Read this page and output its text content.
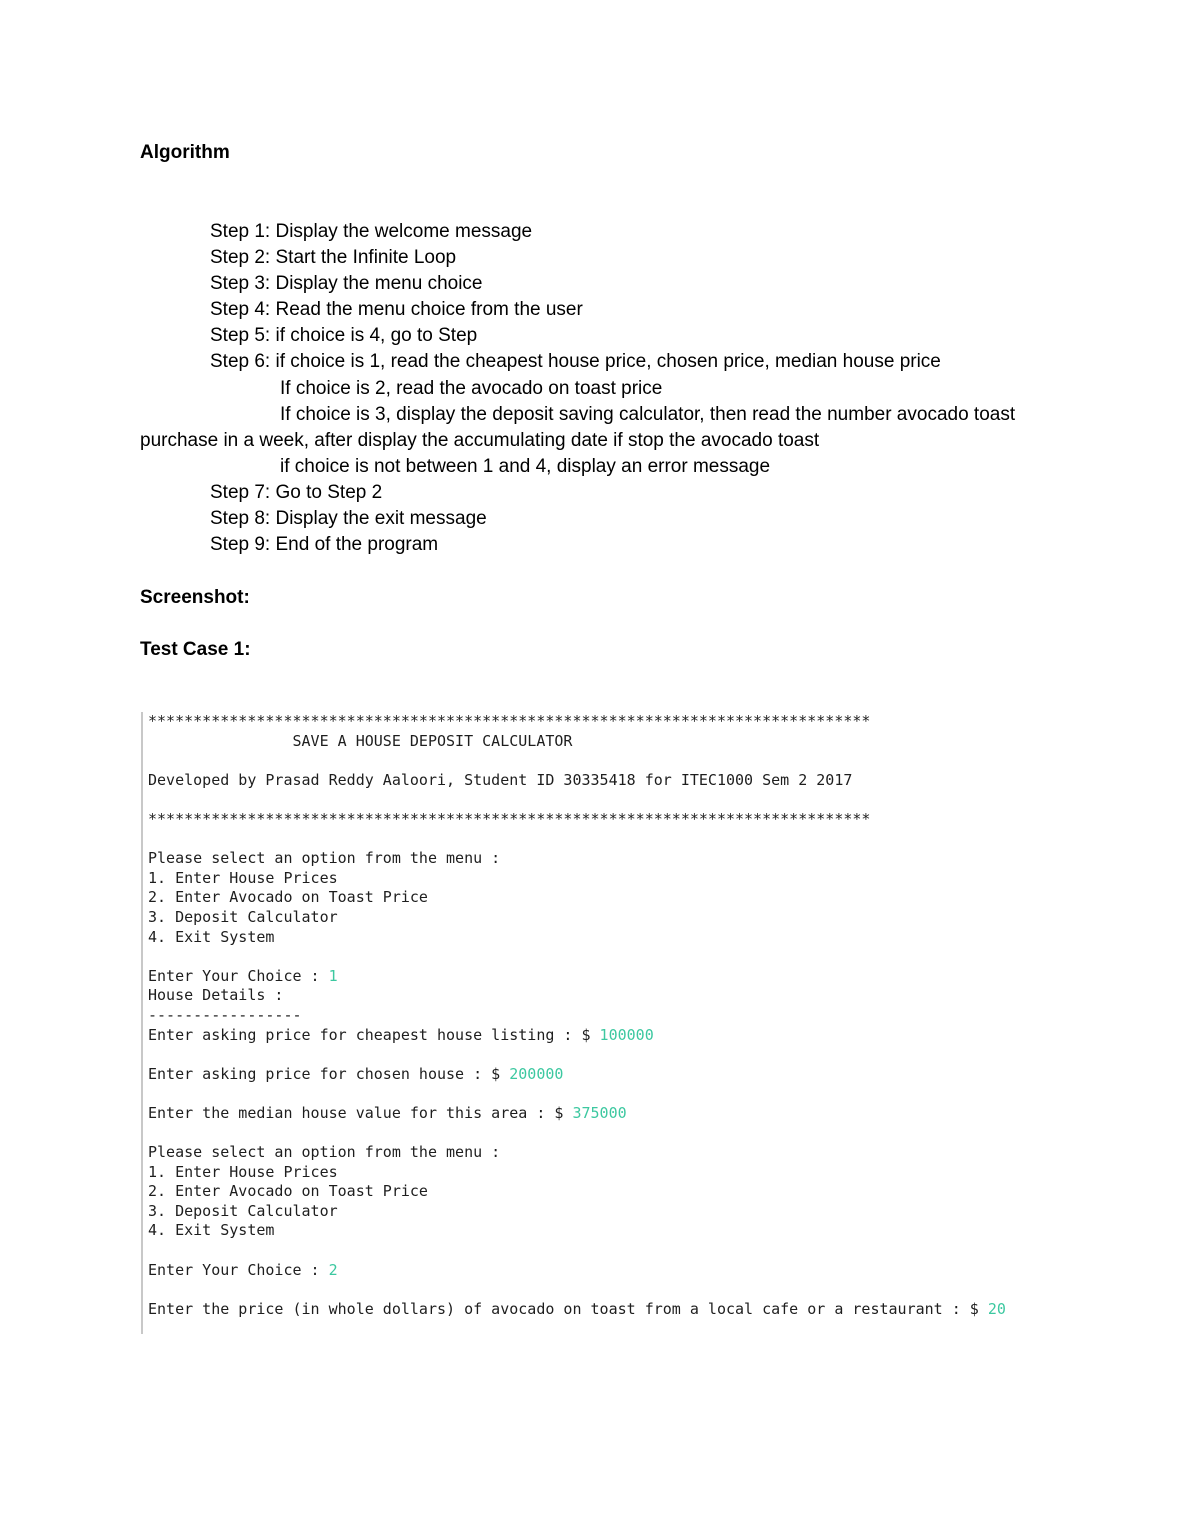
Algorithm

Step 1: Display the welcome message

Step 2: Start the Infinite Loop

Step 3: Display the menu choice

Step 4: Read the menu choice from the user

Step 5: if choice is 4, go to Step

Step 6: if choice is 1, read the cheapest house price, chosen price, median house price

If choice is 2, read the avocado on toast price

If choice is 3, display the deposit saving calculator, then read the number avocado toast

purchase in a week, after display the accumulating date if stop the avocado toast

if choice is not between 1 and 4, display an error message

Step 7: Go to Step 2

Step 8: Display the exit message

Step 9: End of the program

Screenshot:
Test Case 1:

********************************************************************************

SAVE A HOUSE DEPOSIT CALCULATOR

Developed by Prasad Reddy Aaloori, Student ID 30335418 for ITEC1000 Sem 2 2017

********************************************************************************

Please select an option from the menu :

1. Enter House Prices

2. Enter Avocado on Toast Price

3. Deposit Calculator

4. Exit System

Enter Your Choice : 1

House Details :

-----------------

Enter asking price for cheapest house listing : $ 100000

Enter asking price for chosen house : $ 200000

Enter the median house value for this area : $ 375000

Please select an option from the menu :

1. Enter House Prices

2. Enter Avocado on Toast Price

3. Deposit Calculator

4. Exit System

Enter Your Choice : 2

Enter the price (in whole dollars) of avocado on toast from a local cafe or a restaurant : $ 20
